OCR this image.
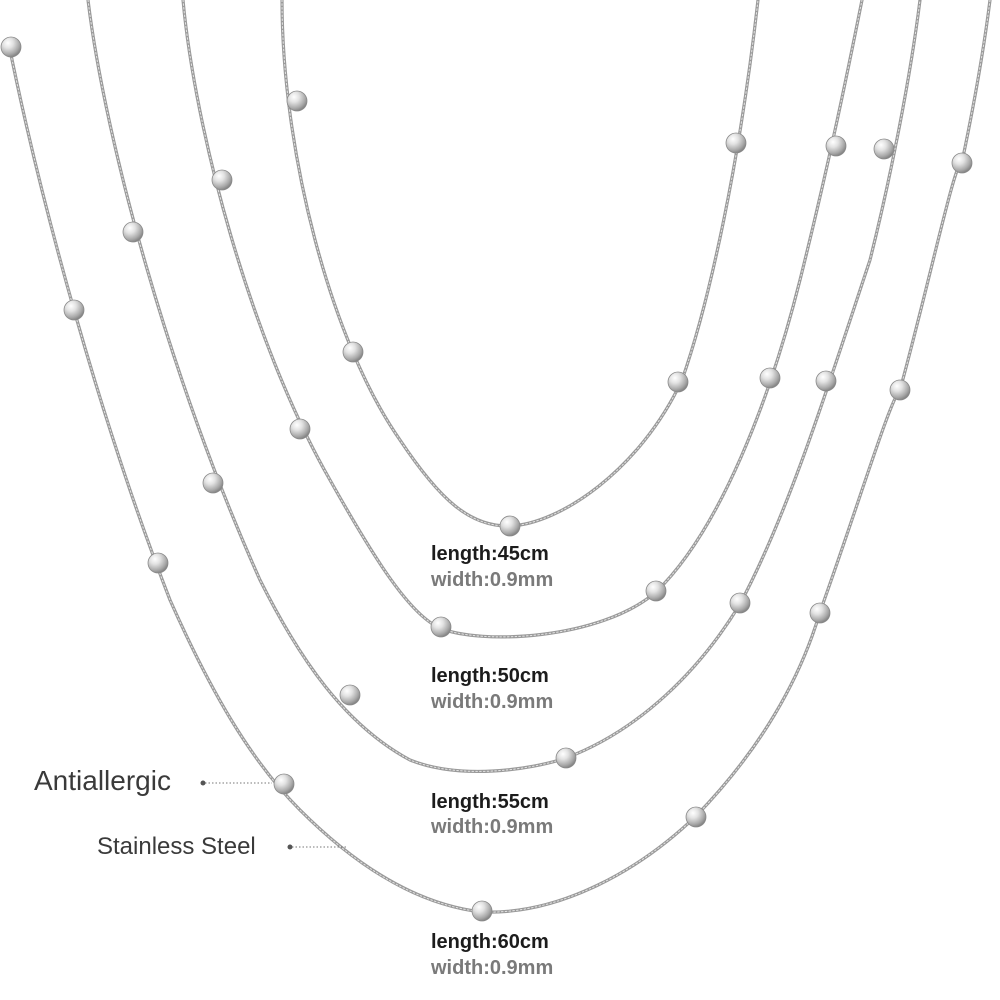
length:45cm
width:0.9mm
length:50cm
width:0.9mm
length:55cm
width:0.9mm
length:60cm
width:0.9mm
Antiallergic
Stainless Steel
